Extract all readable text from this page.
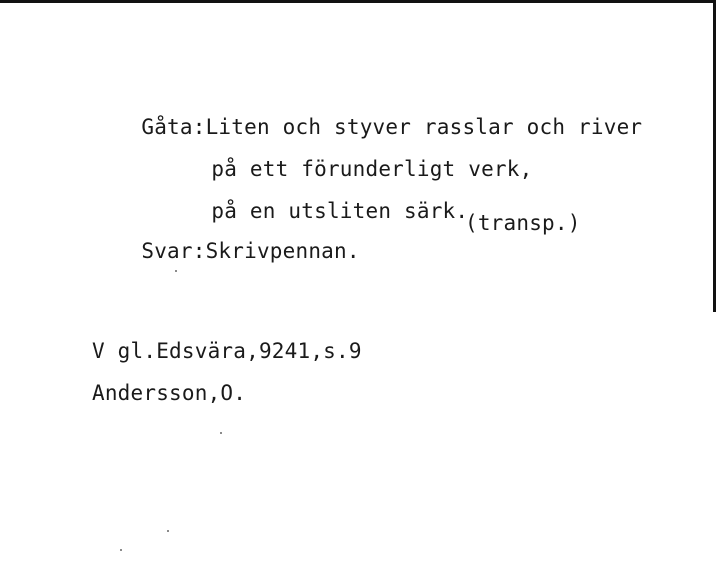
Gåta:Liten och styver rasslar och river

på ett förunderligt verk,

på en utsliten särk.

Svar:Skrivpennan.

(transp.)
V gl.Edsvära,9241,s.9
Andersson,O.
